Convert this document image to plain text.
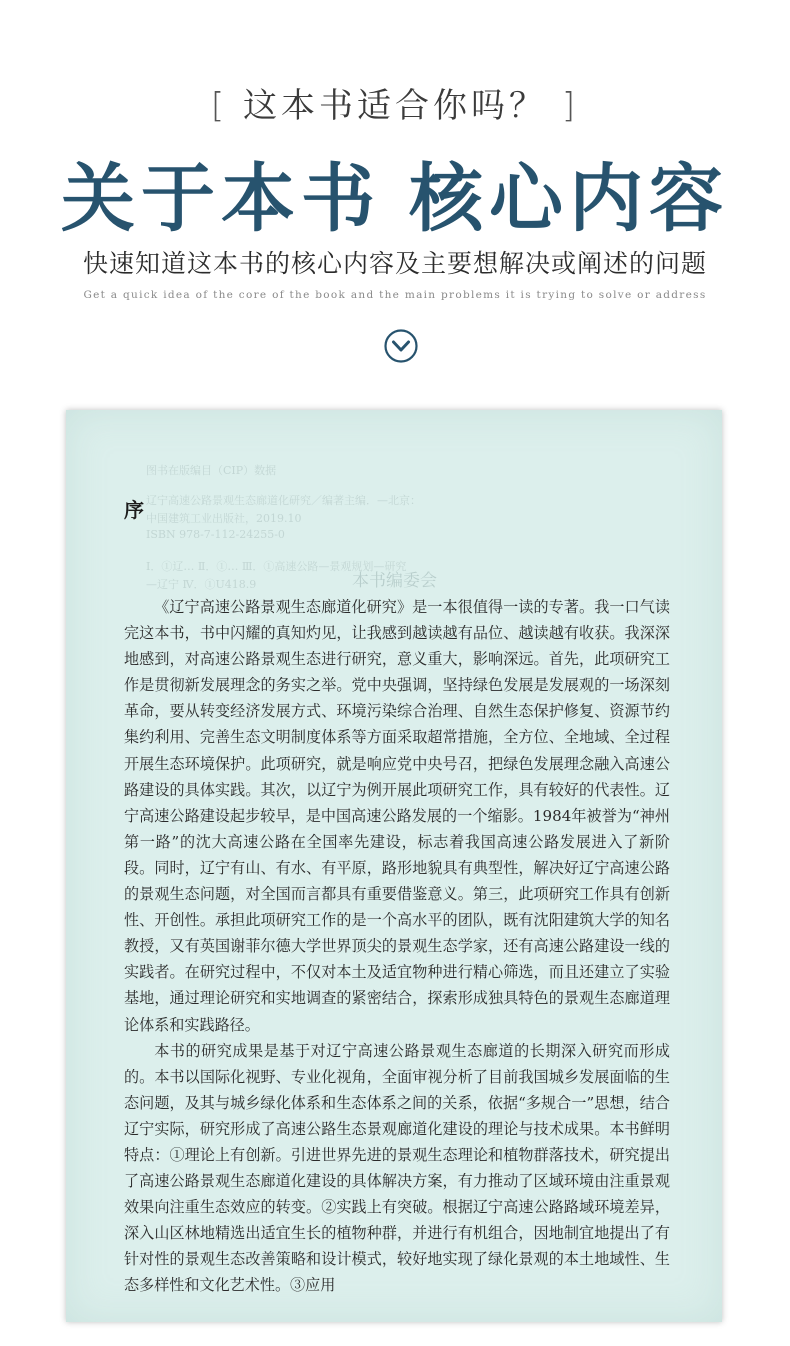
[ 这本书适合你吗？ ]
关于本书 核心内容
快速知道这本书的核心内容及主要想解决或阐述的问题
Get a quick idea of the core of the book and the main problems it is trying to solve or address
图书在版编目（CIP）数据
辽宁高速公路景观生态廊道化研究／编著主编．—北京：
中国建筑工业出版社，2019.10
ISBN 978-7-112-24255-0
Ⅰ．①辽… Ⅱ．①… Ⅲ．①高速公路—景观规划—研究
—辽宁 Ⅳ．①U418.9	本书编委会
序

《辽宁高速公路景观生态廊道化研究》是一本很值得一读的专著。我一口气读完这本书，书中闪耀的真知灼见，让我感到越读越有品位、越读越有收获。我深深地感到，对高速公路景观生态进行研究，意义重大，影响深远。首先，此项研究工作是贯彻新发展理念的务实之举。党中央强调，坚持绿色发展是发展观的一场深刻革命，要从转变经济发展方式、环境污染综合治理、自然生态保护修复、资源节约集约利用、完善生态文明制度体系等方面采取超常措施，全方位、全地域、全过程开展生态环境保护。此项研究，就是响应党中央号召，把绿色发展理念融入高速公路建设的具体实践。其次，以辽宁为例开展此项研究工作，具有较好的代表性。辽宁高速公路建设起步较早，是中国高速公路发展的一个缩影。1984年被誉为“神州第一路”的沈大高速公路在全国率先建设，标志着我国高速公路发展进入了新阶段。同时，辽宁有山、有水、有平原，路形地貌具有典型性，解决好辽宁高速公路的景观生态问题，对全国而言都具有重要借鉴意义。第三，此项研究工作具有创新性、开创性。承担此项研究工作的是一个高水平的团队，既有沈阳建筑大学的知名教授，又有英国谢菲尔德大学世界顶尖的景观生态学家，还有高速公路建设一线的实践者。在研究过程中，不仅对本土及适宜物种进行精心筛选，而且还建立了实验基地，通过理论研究和实地调查的紧密结合，探索形成独具特色的景观生态廊道理论体系和实践路径。

本书的研究成果是基于对辽宁高速公路景观生态廊道的长期深入研究而形成的。本书以国际化视野、专业化视角，全面审视分析了目前我国城乡发展面临的生态问题，及其与城乡绿化体系和生态体系之间的关系，依据“多规合一”思想，结合辽宁实际，研究形成了高速公路生态景观廊道化建设的理论与技术成果。本书鲜明特点：①理论上有创新。引进世界先进的景观生态理论和植物群落技术，研究提出了高速公路景观生态廊道化建设的具体解决方案，有力推动了区域环境由注重景观效果向注重生态效应的转变。②实践上有突破。根据辽宁高速公路路域环境差异，深入山区林地精选出适宜生长的植物种群，并进行有机组合，因地制宜地提出了有针对性的景观生态改善策略和设计模式，较好地实现了绿化景观的本土地域性、生态多样性和文化艺术性。③应用
